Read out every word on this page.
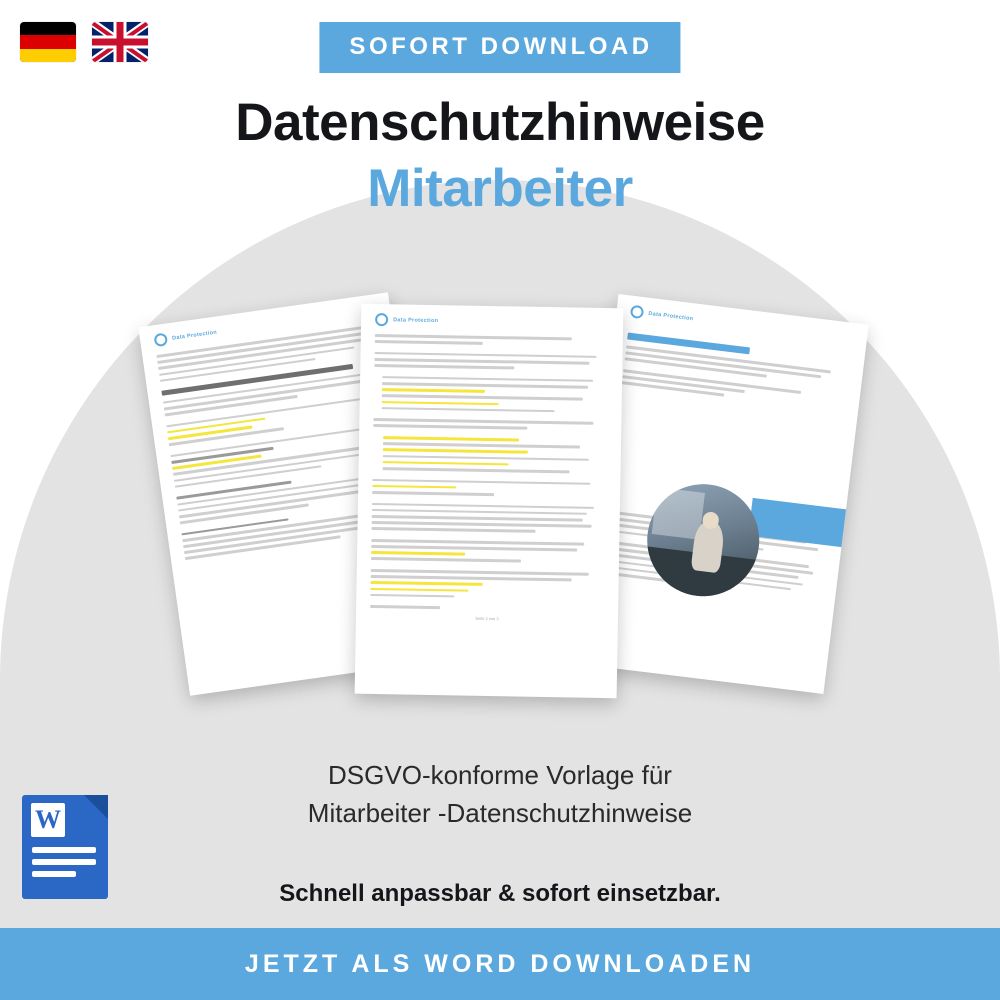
SOFORT DOWNLOAD
Datenschutzhinweise
Mitarbeiter
Data Protection
Data Protection
Data Protection
Seite 2 von 3
DSGVO-konforme Vorlage für
Mitarbeiter -Datenschutzhinweise
Schnell anpassbar & sofort einsetzbar.
W
JETZT ALS WORD DOWNLOADEN
